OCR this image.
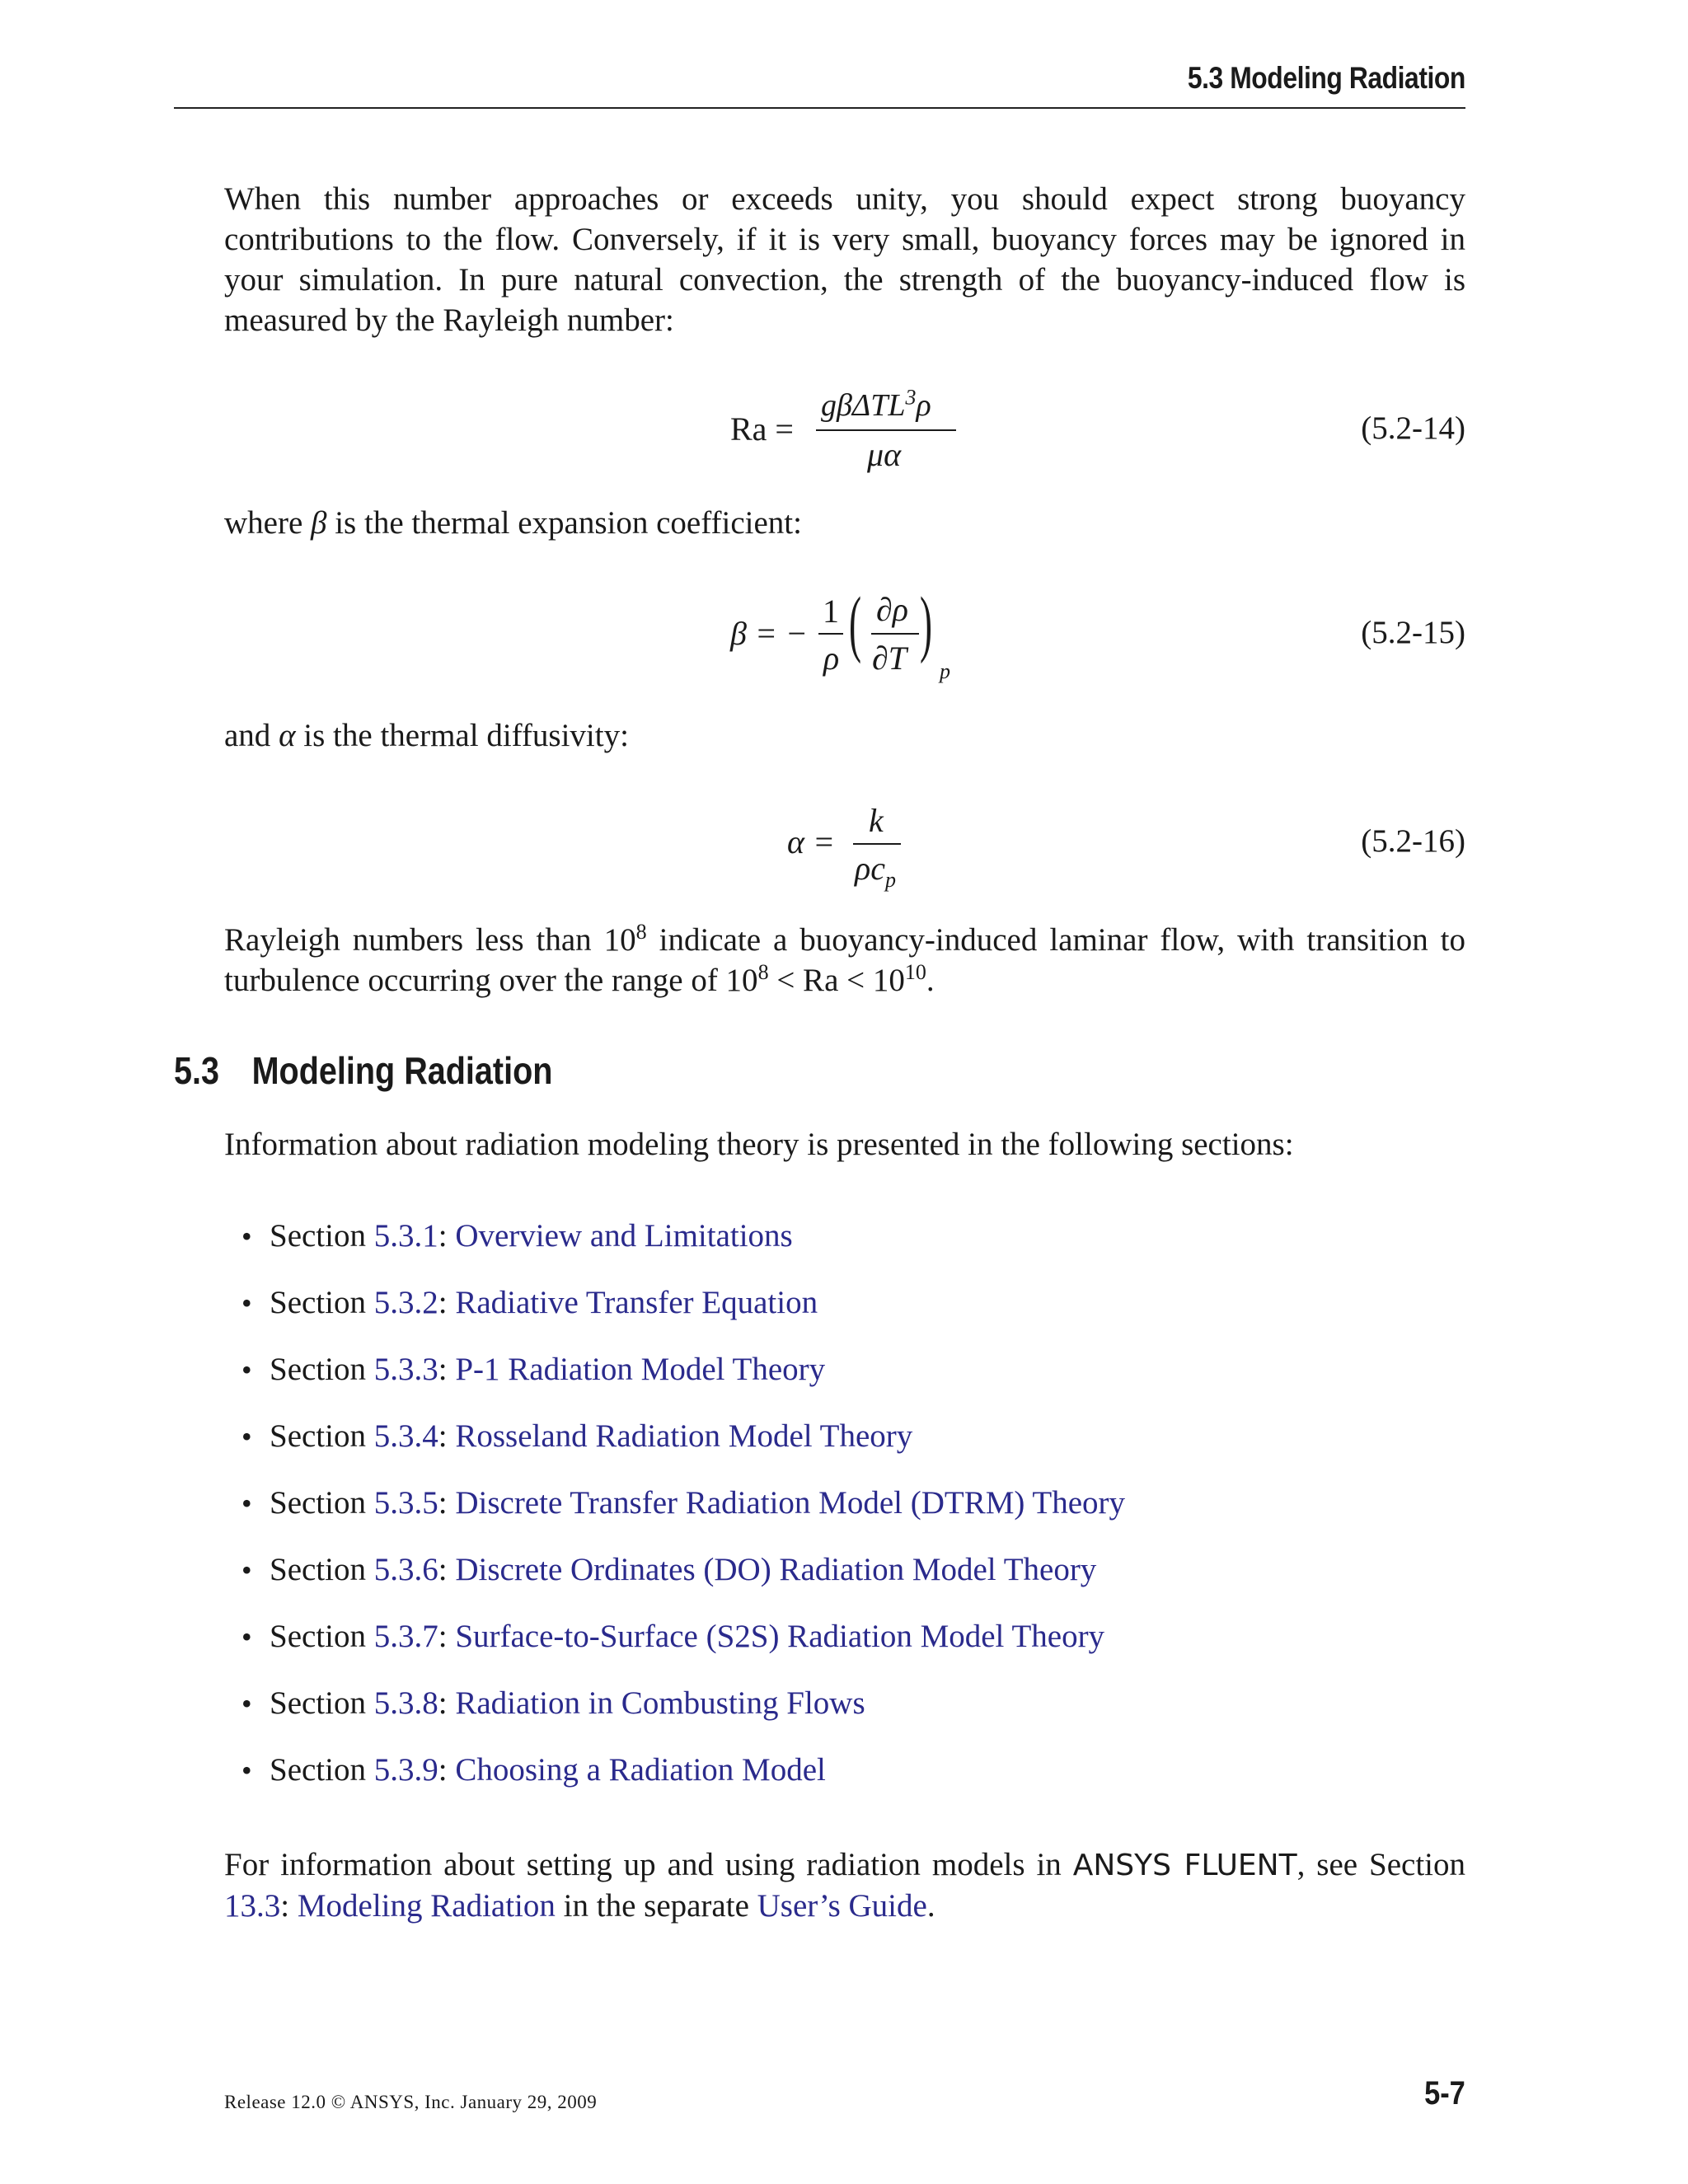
5.3 Modeling Radiation

When this number approaches or exceeds unity, you should expect strong buoyancy contributions to the flow. Conversely, if it is very small, buoyancy forces may be ignored in your simulation. In pure natural convection, the strength of the buoyancy-induced flow is measured by the Rayleigh number:

Ra =
gβΔTL$^3$ρ
μα
(5.2-14)

where β is the thermal expansion coefficient:

β = −
1
ρ ( ∂ρ
∂T )
p
(5.2-15)

and α is the thermal diffusivity:

α =
k
$\rho c_p$
(5.2-16)

Rayleigh numbers less than $10^8$ indicate a buoyancy-induced laminar flow, with transition to turbulence occurring over the range of $10^8 < Ra < 10^{10}$.

5.3 Modeling Radiation

Information about radiation modeling theory is presented in the following sections:

• Section 5.3.1: Overview and Limitations
• Section 5.3.2: Radiative Transfer Equation
• Section 5.3.3: P-1 Radiation Model Theory
• Section 5.3.4: Rosseland Radiation Model Theory
• Section 5.3.5: Discrete Transfer Radiation Model (DTRM) Theory
• Section 5.3.6: Discrete Ordinates (DO) Radiation Model Theory
• Section 5.3.7: Surface-to-Surface (S2S) Radiation Model Theory
• Section 5.3.8: Radiation in Combusting Flows
• Section 5.3.9: Choosing a Radiation Model

For information about setting up and using radiation models in ANSYS FLUENT, see Section 13.3: Modeling Radiation in the separate User’s Guide.

Release 12.0 © ANSYS, Inc. January 29, 2009	5-7
